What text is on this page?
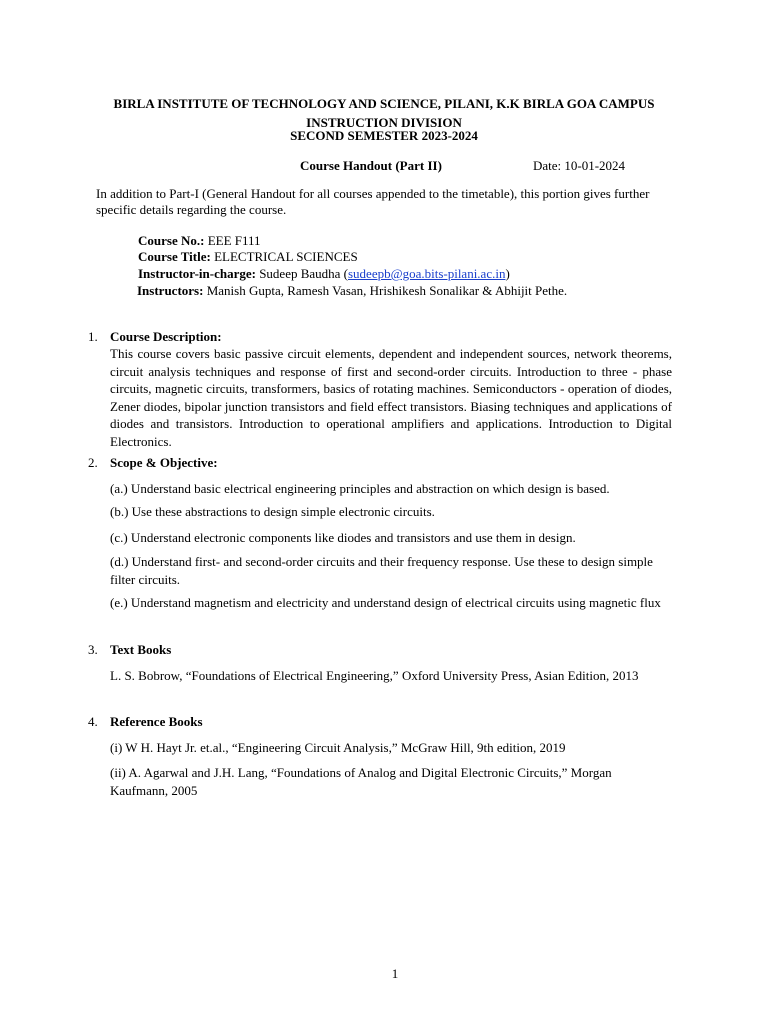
BIRLA INSTITUTE OF TECHNOLOGY AND SCIENCE, PILANI, K.K BIRLA GOA CAMPUS
INSTRUCTION DIVISION
SECOND SEMESTER 2023-2024
Course Handout (Part II)	Date: 10-01-2024
In addition to Part-I (General Handout for all courses appended to the timetable), this portion gives further specific details regarding the course.
Course No.: EEE F111
Course Title: ELECTRICAL SCIENCES
Instructor-in-charge: Sudeep Baudha (sudeepb@goa.bits-pilani.ac.in)
Instructors: Manish Gupta, Ramesh Vasan, Hrishikesh Sonalikar & Abhijit Pethe.
1. Course Description:
This course covers basic passive circuit elements, dependent and independent sources, network theorems, circuit analysis techniques and response of first and second-order circuits. Introduction to three - phase circuits, magnetic circuits, transformers, basics of rotating machines. Semiconductors - operation of diodes, Zener diodes, bipolar junction transistors and field effect transistors. Biasing techniques and applications of diodes and transistors. Introduction to operational amplifiers and applications. Introduction to Digital Electronics.
2. Scope & Objective:
(a.) Understand basic electrical engineering principles and abstraction on which design is based.
(b.) Use these abstractions to design simple electronic circuits.
(c.) Understand electronic components like diodes and transistors and use them in design.
(d.) Understand first- and second-order circuits and their frequency response. Use these to design simple filter circuits.
(e.) Understand magnetism and electricity and understand design of electrical circuits using magnetic flux
3. Text Books
L. S. Bobrow, “Foundations of Electrical Engineering,” Oxford University Press, Asian Edition, 2013
4. Reference Books
(i) W H. Hayt Jr. et.al., “Engineering Circuit Analysis,” McGraw Hill, 9th edition, 2019
(ii) A. Agarwal and J.H. Lang, “Foundations of Analog and Digital Electronic Circuits,” Morgan Kaufmann, 2005
1
